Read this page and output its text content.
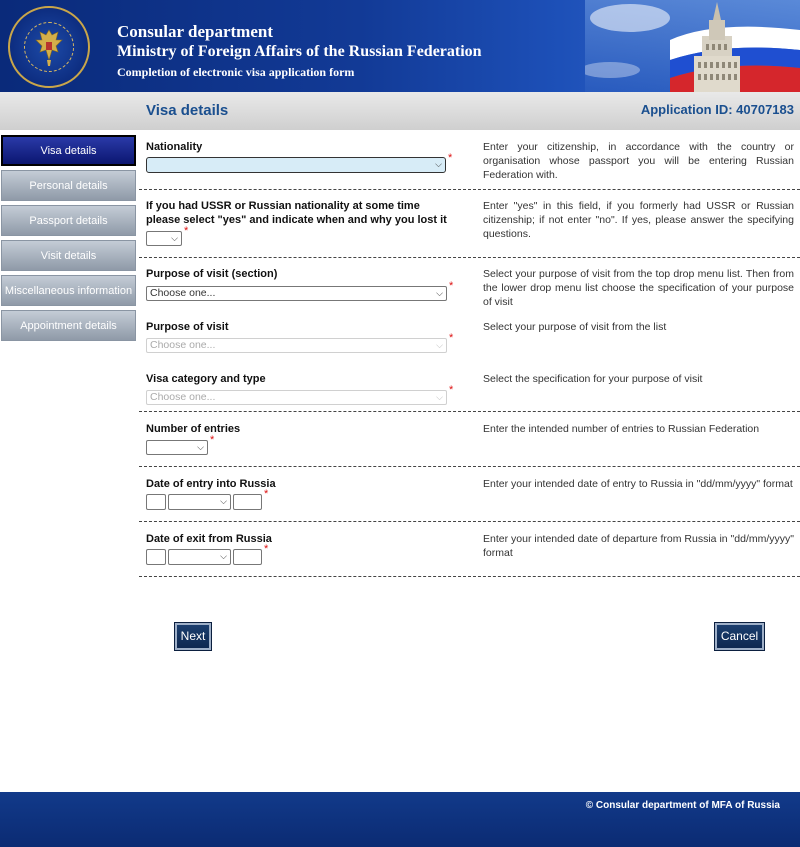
Consular department
Ministry of Foreign Affairs of the Russian Federation
Completion of electronic visa application form
Visa details	Application ID: 40707183
Visa details
Personal details
Passport details
Visit details
Miscellaneous information
Appointment details
Nationality
⌵ *
Enter your citizenship, in accordance with the country or organisation whose passport you will be entering Russian Federation with.
If you had USSR or Russian nationality at some time please select "yes" and indicate when and why you lost it
⌵
*
Enter "yes" in this field, if you formerly had USSR or Russian citizenship; if not enter "no". If yes, please answer the specifying questions.
Purpose of visit (section)
Choose one...	⌵
*
Select your purpose of visit from the top drop menu list. Then from the lower drop menu list choose the specification of your purpose of visit
Purpose of visit
Choose one...	⌵
*
Select your purpose of visit from the list
Visa category and type
Choose one...	⌵
*
Select the specification for your purpose of visit
Number of entries
⌵
*
Enter the intended number of entries to Russian Federation
Date of entry into Russia
⌵
*
Enter your intended date of entry to Russia in "dd/mm/yyyy" format
Date of exit from Russia
⌵
*
Enter your intended date of departure from Russia in "dd/mm/yyyy" format
Next	Cancel
© Consular department of MFA of Russia
